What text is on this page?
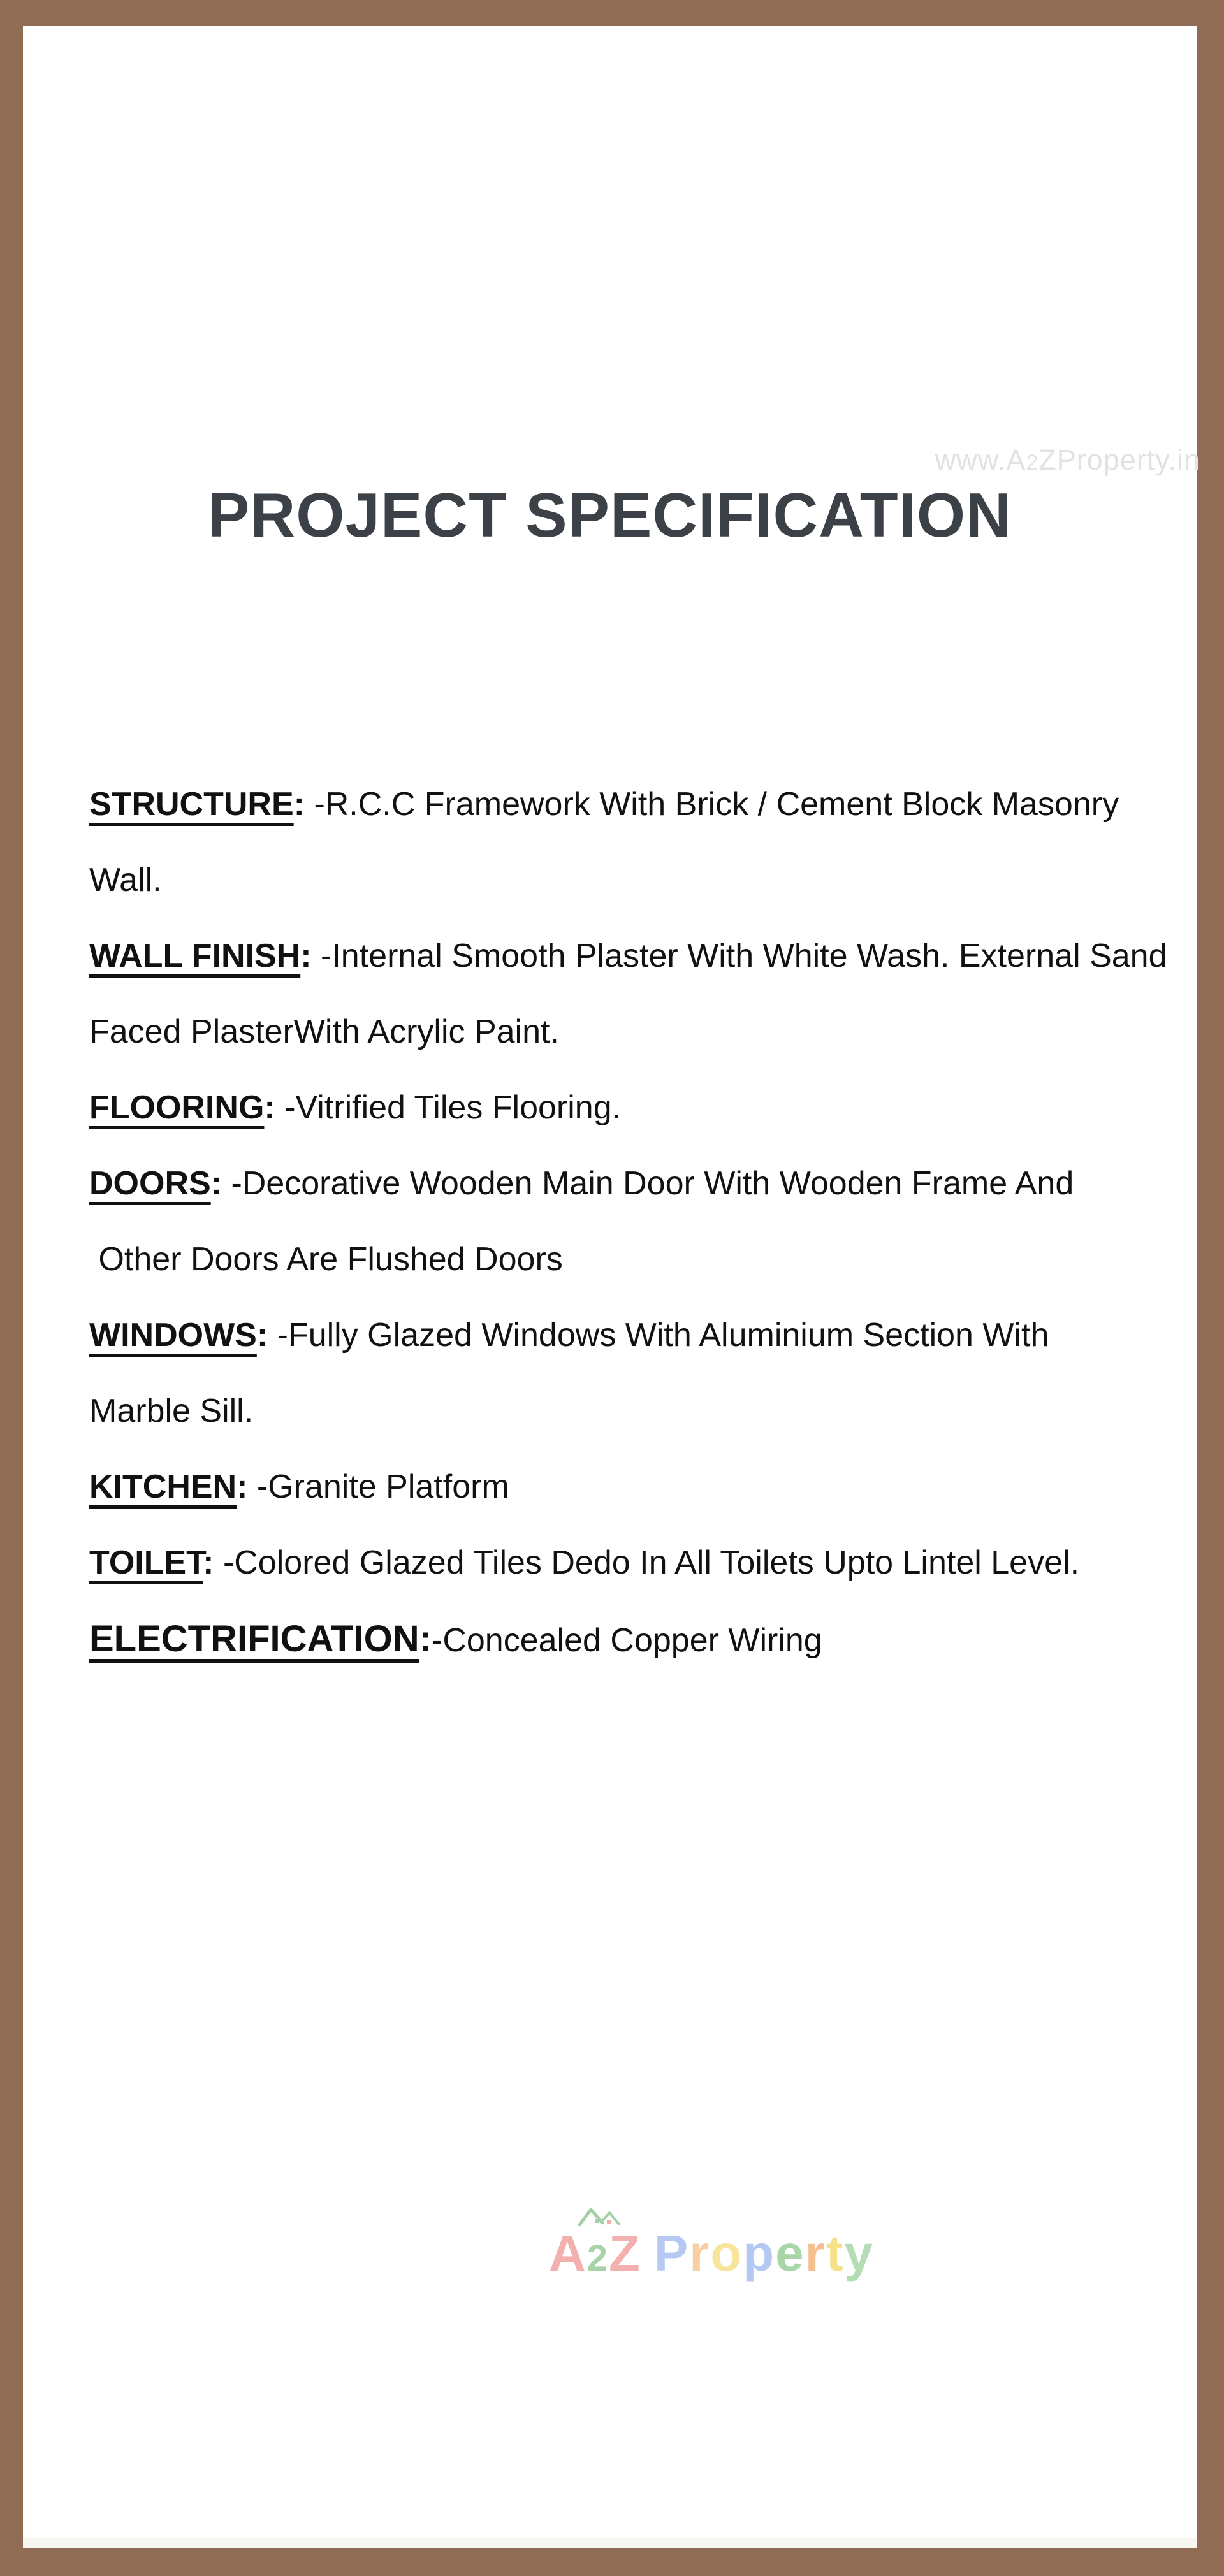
www.A2ZProperty.in
PROJECT SPECIFICATION

STRUCTURE: -R.C.C Framework With Brick / Cement Block Masonry Wall.

WALL FINISH: -Internal Smooth Plaster With White Wash. External Sand

Faced PlasterWith Acrylic Paint.

FLOORING: -Vitrified Tiles Flooring.

DOORS: -Decorative Wooden Main Door With Wooden Frame And

Other Doors Are Flushed Doors

WINDOWS: -Fully Glazed Windows With Aluminium Section With

Marble Sill.

KITCHEN: -Granite Platform

TOILET: -Colored Glazed Tiles Dedo In All Toilets Upto Lintel Level.

ELECTRIFICATION:-Concealed Copper Wiring

A
2Z Property
